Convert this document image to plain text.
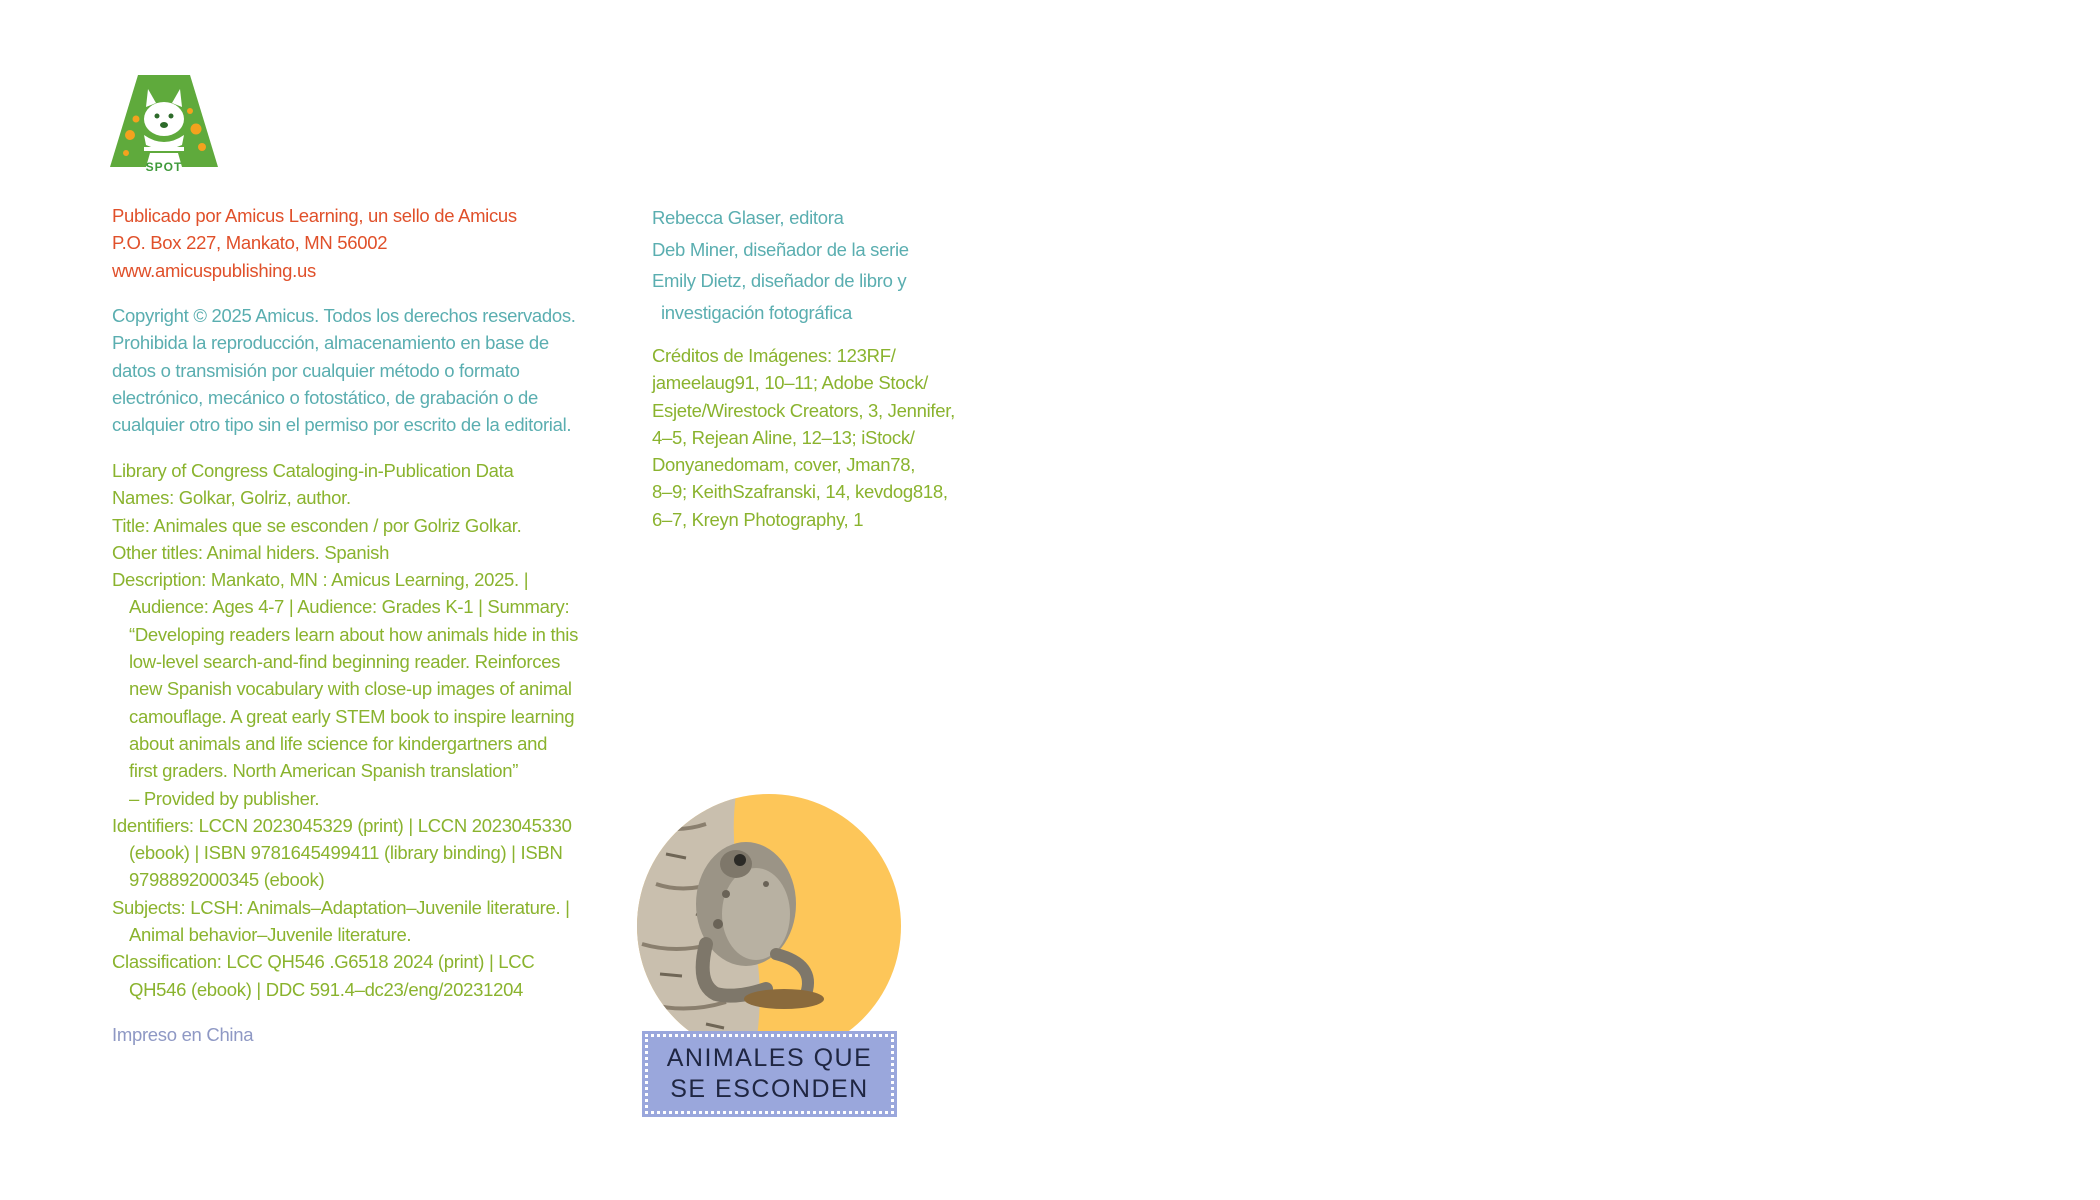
SPOT
Publicado por Amicus Learning, un sello de Amicus
P.O. Box 227, Mankato, MN 56002
www.amicuspublishing.us
Copyright © 2025 Amicus. Todos los derechos reservados.
Prohibida la reproducción, almacenamiento en base de
datos o transmisión por cualquier método o formato
electrónico, mecánico o fotostático, de grabación o de
cualquier otro tipo sin el permiso por escrito de la editorial.
Library of Congress Cataloging-in-Publication Data
Names: Golkar, Golriz, author.
Title: Animales que se esconden / por Golriz Golkar.
Other titles: Animal hiders. Spanish
Description: Mankato, MN : Amicus Learning, 2025. |
Audience: Ages 4-7 | Audience: Grades K-1 | Summary:
“Developing readers learn about how animals hide in this
low-level search-and-find beginning reader. Reinforces
new Spanish vocabulary with close-up images of animal
camouflage. A great early STEM book to inspire learning
about animals and life science for kindergartners and
first graders. North American Spanish translation”
– Provided by publisher.
Identifiers: LCCN 2023045329 (print) | LCCN 2023045330
(ebook) | ISBN 9781645499411 (library binding) | ISBN
9798892000345 (ebook)
Subjects: LCSH: Animals–Adaptation–Juvenile literature. |
Animal behavior–Juvenile literature.
Classification: LCC QH546 .G6518 2024 (print) | LCC
QH546 (ebook) | DDC 591.4–dc23/eng/20231204
Impreso en China
Rebecca Glaser, editora
Deb Miner, diseñador de la serie
Emily Dietz, diseñador de libro y
investigación fotográfica
Créditos de Imágenes: 123RF/
jameelaug91, 10–11; Adobe Stock/
Esjete/Wirestock Creators, 3, Jennifer,
4–5, Rejean Aline, 12–13; iStock/
Donyanedomam, cover, Jman78,
8–9; KeithSzafranski, 14, kevdog818,
6–7, Kreyn Photography, 1
ANIMALES QUE
SE ESCONDEN
